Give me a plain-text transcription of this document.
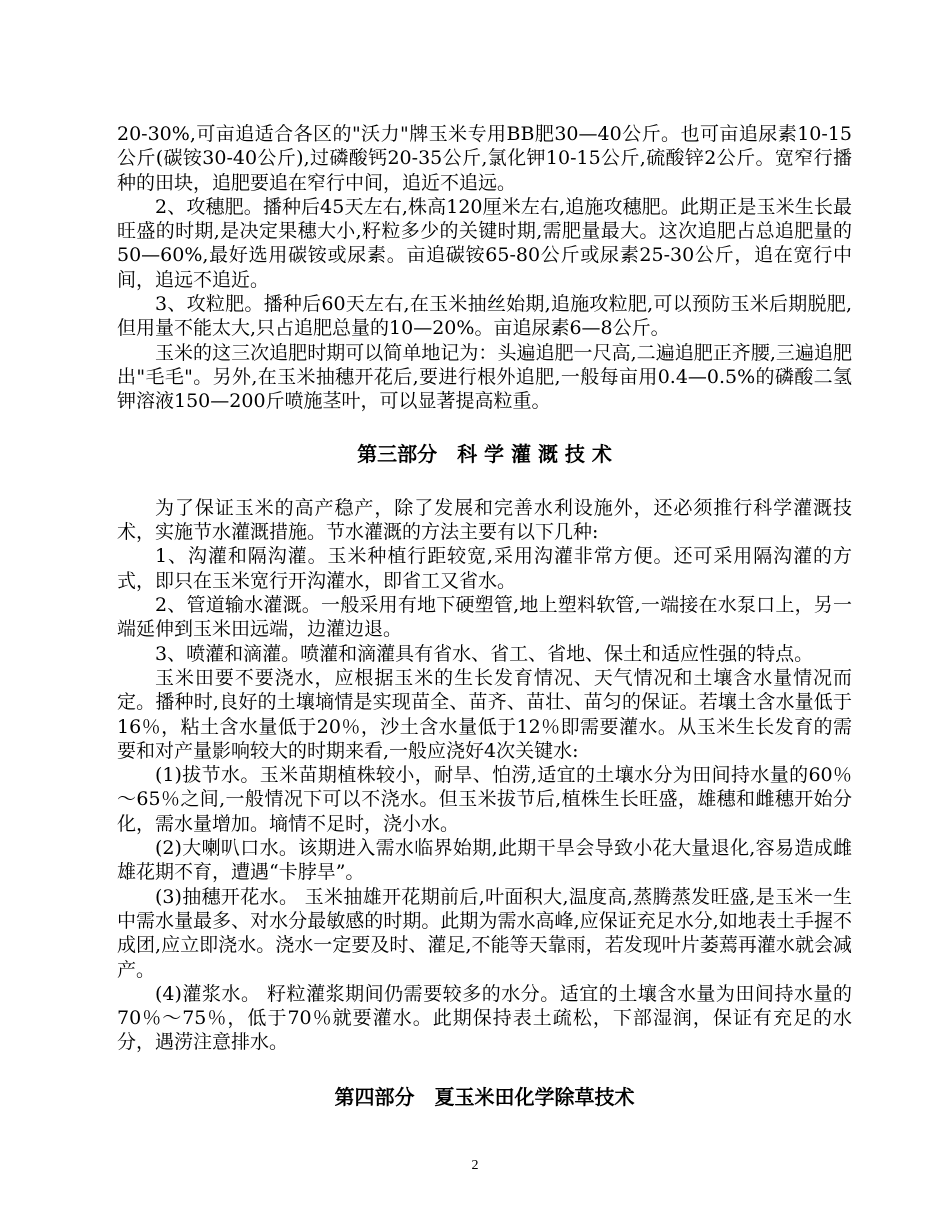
20-30%,可亩追适合各区的"沃力"牌玉米专用BB肥30—40公斤。也可亩追尿素10-15公斤(碳铵30-40公斤),过磷酸钙20-35公斤,氯化钾10-15公斤,硫酸锌2公斤。宽窄行播种的田块，追肥要追在窄行中间，追近不追远。

2、攻穗肥。播种后45天左右,株高120厘米左右,追施攻穗肥。此期正是玉米生长最旺盛的时期,是决定果穗大小,籽粒多少的关键时期,需肥量最大。这次追肥占总追肥量的50—60%,最好选用碳铵或尿素。亩追碳铵65-80公斤或尿素25-30公斤，追在宽行中间，追远不追近。

3、攻粒肥。播种后60天左右,在玉米抽丝始期,追施攻粒肥,可以预防玉米后期脱肥,但用量不能太大,只占追肥总量的10—20%。亩追尿素6—8公斤。

玉米的这三次追肥时期可以简单地记为：头遍追肥一尺高,二遍追肥正齐腰,三遍追肥出"毛毛"。另外,在玉米抽穗开花后,要进行根外追肥,一般每亩用0.4—0.5%的磷酸二氢钾溶液150—200斤喷施茎叶，可以显著提高粒重。

第三部分　科 学 灌 溉 技 术

为了保证玉米的高产稳产，除了发展和完善水利设施外，还必须推行科学灌溉技术，实施节水灌溉措施。节水灌溉的方法主要有以下几种:

1、沟灌和隔沟灌。玉米种植行距较宽,采用沟灌非常方便。还可采用隔沟灌的方式，即只在玉米宽行开沟灌水，即省工又省水。

2、管道输水灌溉。一般采用有地下硬塑管,地上塑料软管,一端接在水泵口上，另一端延伸到玉米田远端，边灌边退。

3、喷灌和滴灌。喷灌和滴灌具有省水、省工、省地、保土和适应性强的特点。

玉米田要不要浇水，应根据玉米的生长发育情况、天气情况和土壤含水量情况而定。播种时,良好的土壤墒情是实现苗全、苗齐、苗壮、苗匀的保证。若壤土含水量低于16％，粘土含水量低于20％，沙土含水量低于12％即需要灌水。从玉米生长发育的需要和对产量影响较大的时期来看,一般应浇好4次关键水:

(1)拔节水。玉米苗期植株较小，耐旱、怕涝,适宜的土壤水分为田间持水量的60％～65％之间,一般情况下可以不浇水。但玉米拔节后,植株生长旺盛，雄穗和雌穗开始分化，需水量增加。墒情不足时，浇小水。

(2)大喇叭口水。该期进入需水临界始期,此期干旱会导致小花大量退化,容易造成雌雄花期不育，遭遇“卡脖旱”。

(3)抽穗开花水。 玉米抽雄开花期前后,叶面积大,温度高,蒸腾蒸发旺盛,是玉米一生中需水量最多、对水分最敏感的时期。此期为需水高峰,应保证充足水分,如地表土手握不成团,应立即浇水。浇水一定要及时、灌足,不能等天靠雨，若发现叶片萎蔫再灌水就会减产。

(4)灌浆水。 籽粒灌浆期间仍需要较多的水分。适宜的土壤含水量为田间持水量的70％～75％，低于70％就要灌水。此期保持表土疏松，下部湿润，保证有充足的水分，遇涝注意排水。

第四部分　夏玉米田化学除草技术
2
